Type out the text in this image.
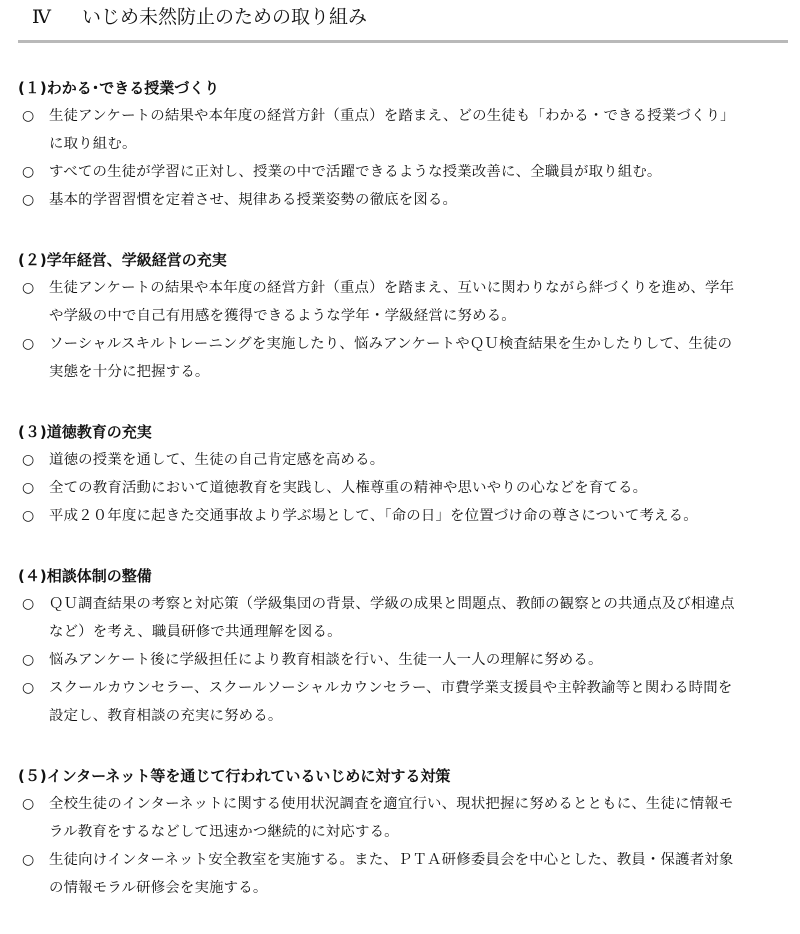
Ⅳ いじめ未然防止のための取り組み
(１)わかる･できる授業づくり
○ 生徒アンケートの結果や本年度の経営方針（重点）を踏まえ、どの生徒も「わかる・できる授業づくり」
に取り組む。
○ すべての生徒が学習に正対し、授業の中で活躍できるような授業改善に、全職員が取り組む。
○ 基本的学習習慣を定着させ、規律ある授業姿勢の徹底を図る。
(２)学年経営、学級経営の充実
○ 生徒アンケートの結果や本年度の経営方針（重点）を踏まえ、互いに関わりながら絆づくりを進め、学年
や学級の中で自己有用感を獲得できるような学年・学級経営に努める。
○ ソーシャルスキルトレーニングを実施したり、悩みアンケートやＱＵ検査結果を生かしたりして、生徒の
実態を十分に把握する。
(３)道徳教育の充実
○ 道徳の授業を通して、生徒の自己肯定感を高める。
○ 全ての教育活動において道徳教育を実践し、人権尊重の精神や思いやりの心などを育てる。
○ 平成２０年度に起きた交通事故より学ぶ場として、「命の日」を位置づけ命の尊さについて考える。
(４)相談体制の整備
○ ＱＵ調査結果の考察と対応策（学級集団の背景、学級の成果と問題点、教師の観察との共通点及び相違点
など）を考え、職員研修で共通理解を図る。
○ 悩みアンケート後に学級担任により教育相談を行い、生徒一人一人の理解に努める。
○ スクールカウンセラー、スクールソーシャルカウンセラー、市費学業支援員や主幹教諭等と関わる時間を
設定し、教育相談の充実に努める。
(５)インターネット等を通じて行われているいじめに対する対策
○ 全校生徒のインターネットに関する使用状況調査を適宜行い、現状把握に努めるとともに、生徒に情報モ
ラル教育をするなどして迅速かつ継続的に対応する。
○ 生徒向けインターネット安全教室を実施する。また、ＰＴＡ研修委員会を中心とした、教員・保護者対象
の情報モラル研修会を実施する。
